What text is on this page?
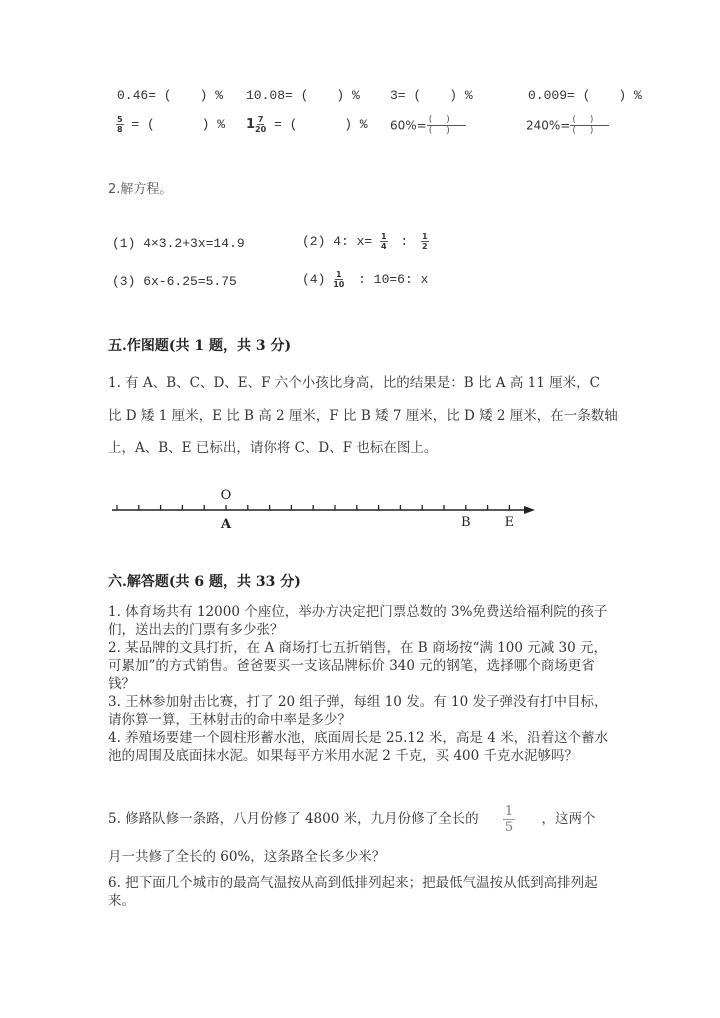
0.46= ( ) % 10.08= ( ) % 3= ( ) %	0.009= ( ) %
$\frac{5}{8}$ = (      ) % $1 \frac{7}{20}$ = (      ) % $60\%= \frac{()}{()}$	$240\%= \frac{()}{()}$
2.解方程。
(1) 4×3.2+3x=14.9	(2) 4: $x= \frac{1}{4}$ : $\frac{1}{2}$
(3) 6x-6.25=5.75	$(4) \frac{1}{10}$ : 10=6: x
五.作图题(共 1 题，共 3 分)
1. 有 A、B、C、D、E、F 六个小孩比身高，比的结果是：B 比 A 高 11 厘米，C
比 D 矮 1 厘米，E 比 B 高 2 厘米，F 比 B 矮 7 厘米，比 D 矮 2 厘米，在一条数轴
上，A、B、E 已标出，请你将 C、D、F 也标在图上。
O
A	B	E
六.解答题(共 6 题，共 33 分)
1. 体育场共有 12000 个座位，举办方决定把门票总数的 3%免费送给福利院的孩子们，送出去的门票有多少张？
2. 某品牌的文具打折，在 A 商场打七五折销售，在 B 商场按“满 100 元减 30 元，可累加”的方式销售。爸爸要买一支该品牌标价 340 元的钢笔，选择哪个商场更省钱？
3. 王林参加射击比赛，打了 20 组子弹，每组 10 发。有 10 发子弹没有打中目标，请你算一算，王林射击的命中率是多少？
4. 养殖场要建一个圆柱形蓄水池，底面周长是 25.12 米，高是 4 米，沿着这个蓄水池的周围及底面抹水泥。如果每平方米用水泥 2 千克，买 400 千克水泥够吗？
5. 修路队修一条路，八月份修了 4800 米，九月份修了全长的 $\frac{1}{5}$ ，这两个
月一共修了全长的 60%，这条路全长多少米？
6. 把下面几个城市的最高气温按从高到低排列起来；把最低气温按从低到高排列起来。
